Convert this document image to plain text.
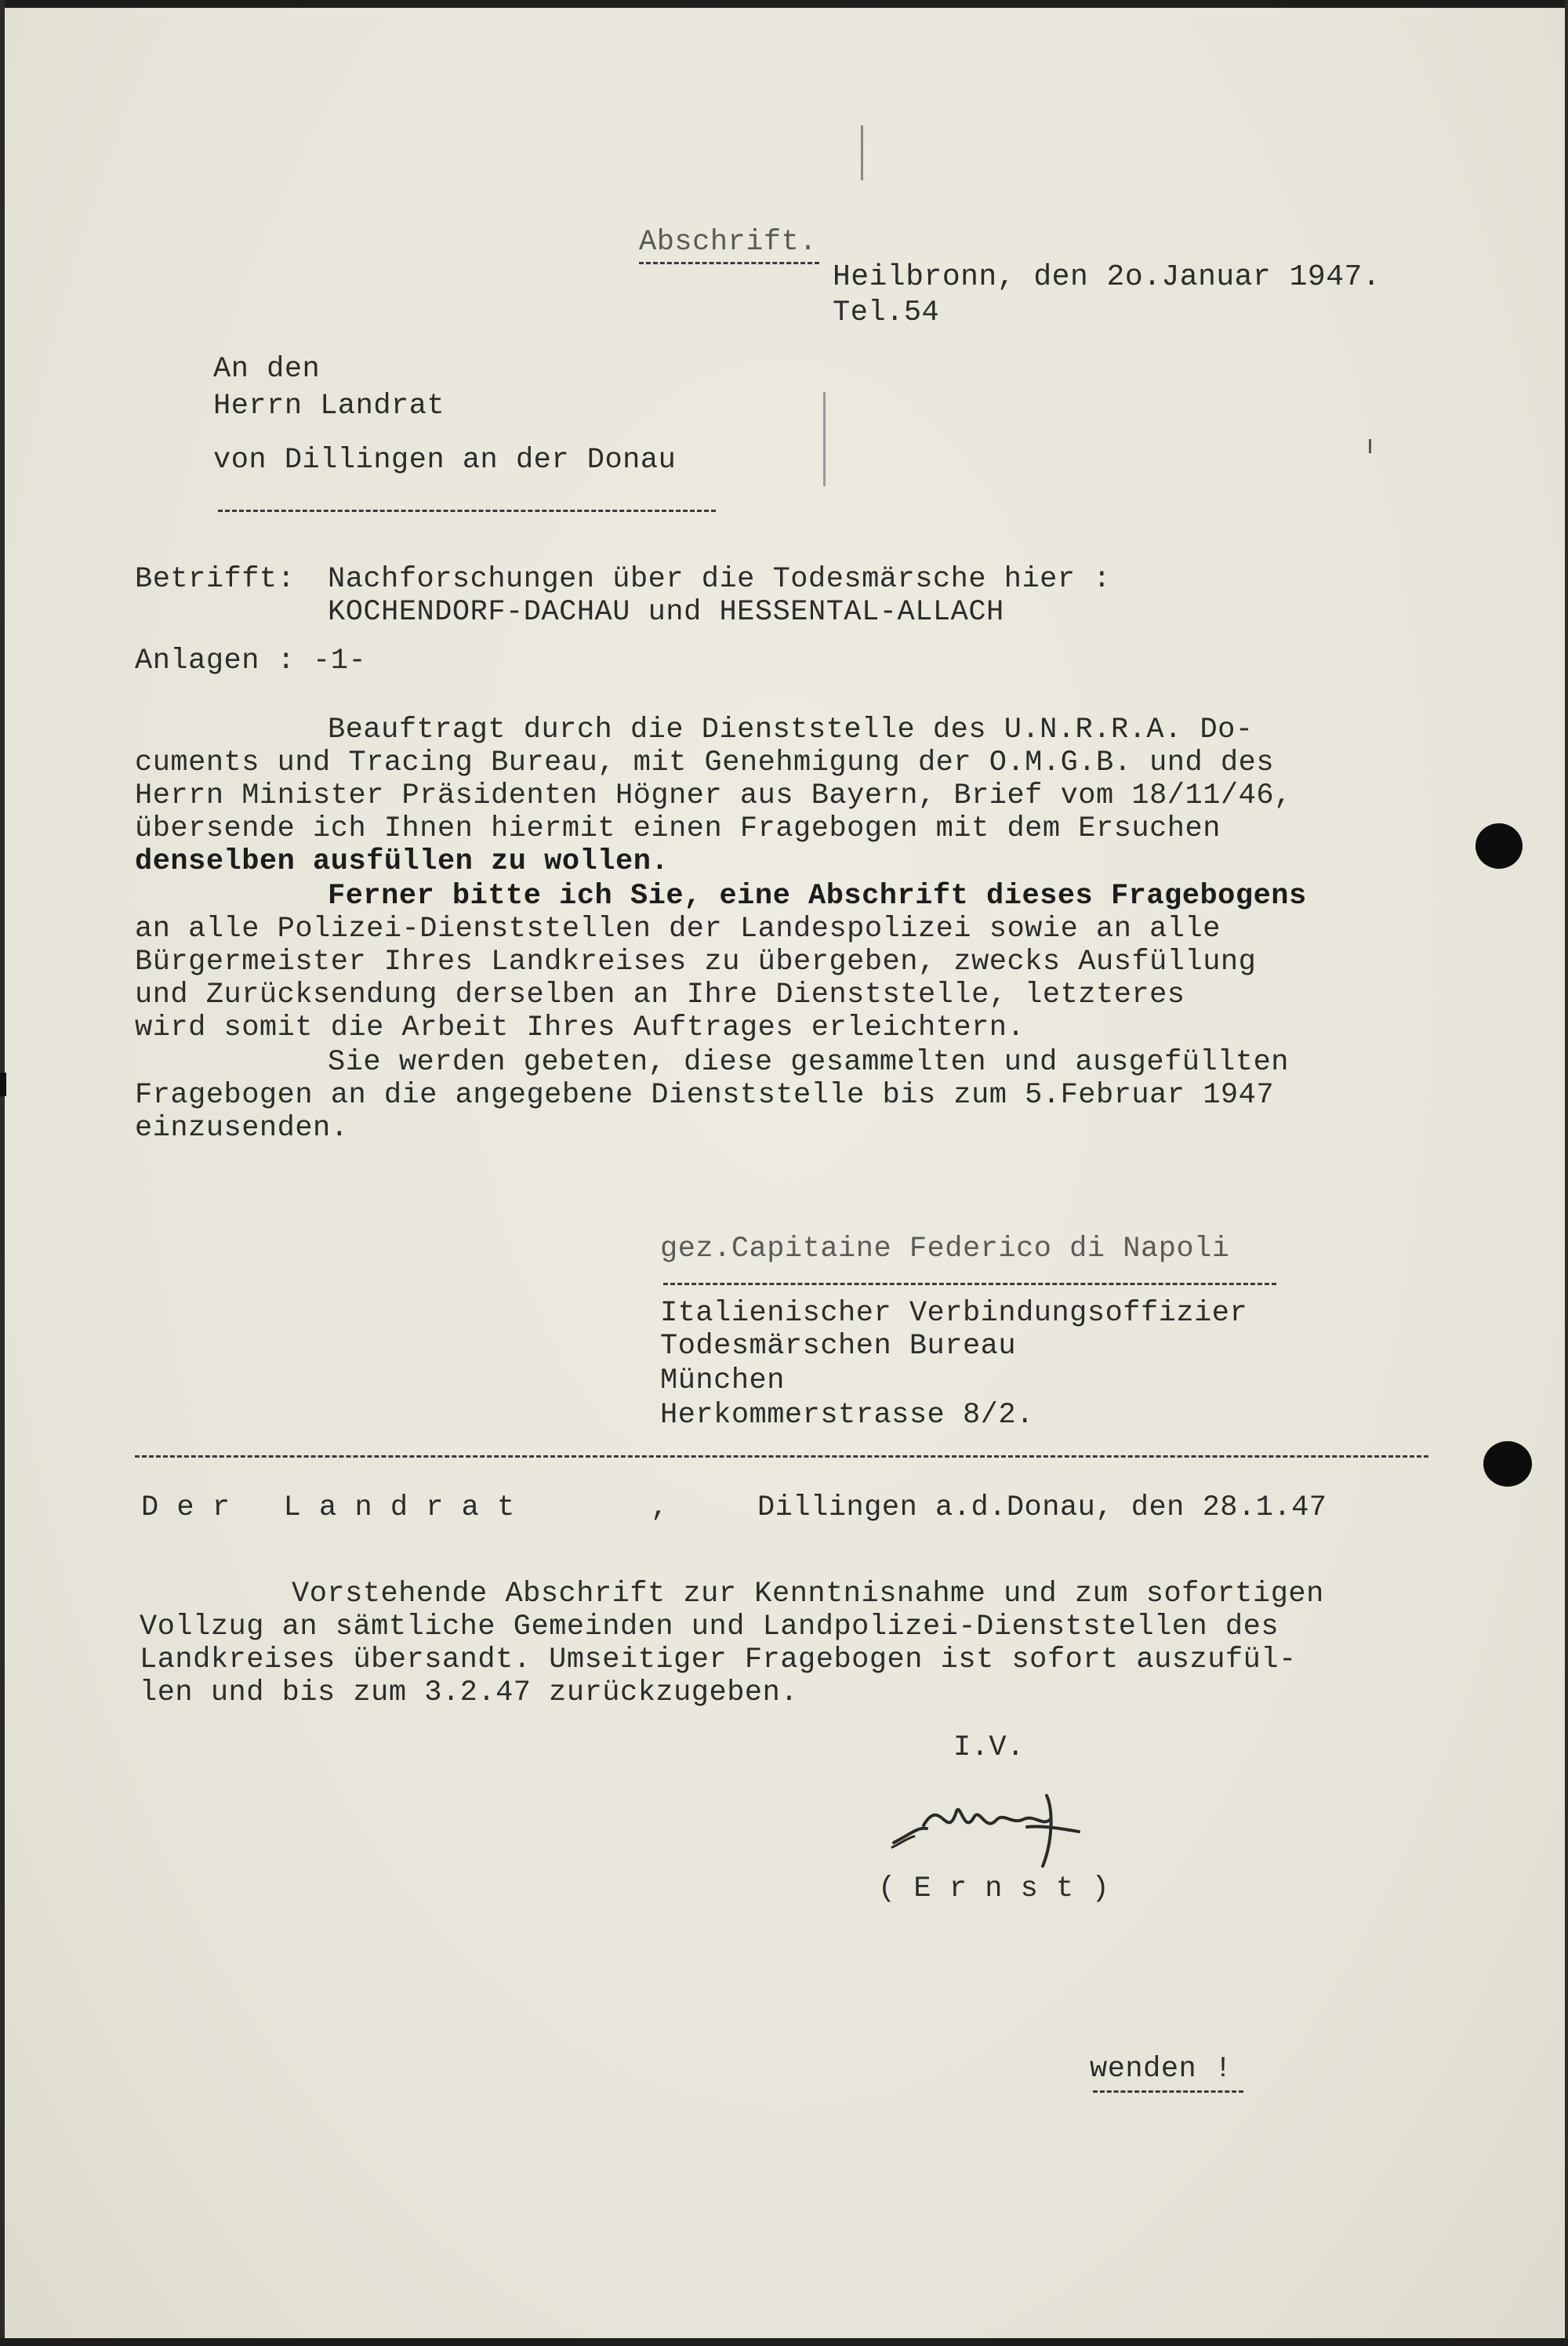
Abschrift.
Heilbronn, den 2o.Januar 1947.
Tel.54
An den
Herrn Landrat
von Dillingen an der Donau
Betrifft: Nachforschungen über die Todesmärsche hier :
KOCHENDORF-DACHAU und HESSENTAL-ALLACH
Anlagen : -1-
Beauftragt durch die Dienststelle des U.N.R.R.A. Do-
cuments und Tracing Bureau, mit Genehmigung der O.M.G.B. und des
Herrn Minister Präsidenten Högner aus Bayern, Brief vom 18/11/46,
übersende ich Ihnen hiermit einen Fragebogen mit dem Ersuchen
denselben ausfüllen zu wollen.
Ferner bitte ich Sie, eine Abschrift dieses Fragebogens
an alle Polizei-Dienststellen der Landespolizei sowie an alle
Bürgermeister Ihres Landkreises zu übergeben, zwecks Ausfüllung
und Zurücksendung derselben an Ihre Dienststelle, letzteres
wird somit die Arbeit Ihres Auftrages erleichtern.
Sie werden gebeten, diese gesammelten und ausgefüllten
Fragebogen an die angegebene Dienststelle bis zum 5.Februar 1947
einzusenden.
gez.Capitaine Federico di Napoli
Italienischer Verbindungsoffizier
Todesmärschen Bureau
München
Herkommerstrasse 8/2.
D e r   L a n d r a t	,	Dillingen a.d.Donau, den 28.1.47
Vorstehende Abschrift zur Kenntnisnahme und zum sofortigen
Vollzug an sämtliche Gemeinden und Landpolizei-Dienststellen des
Landkreises übersandt. Umseitiger Fragebogen ist sofort auszufül-
len und bis zum 3.2.47 zurückzugeben.
I.V.
( E r n s t )
wenden !
